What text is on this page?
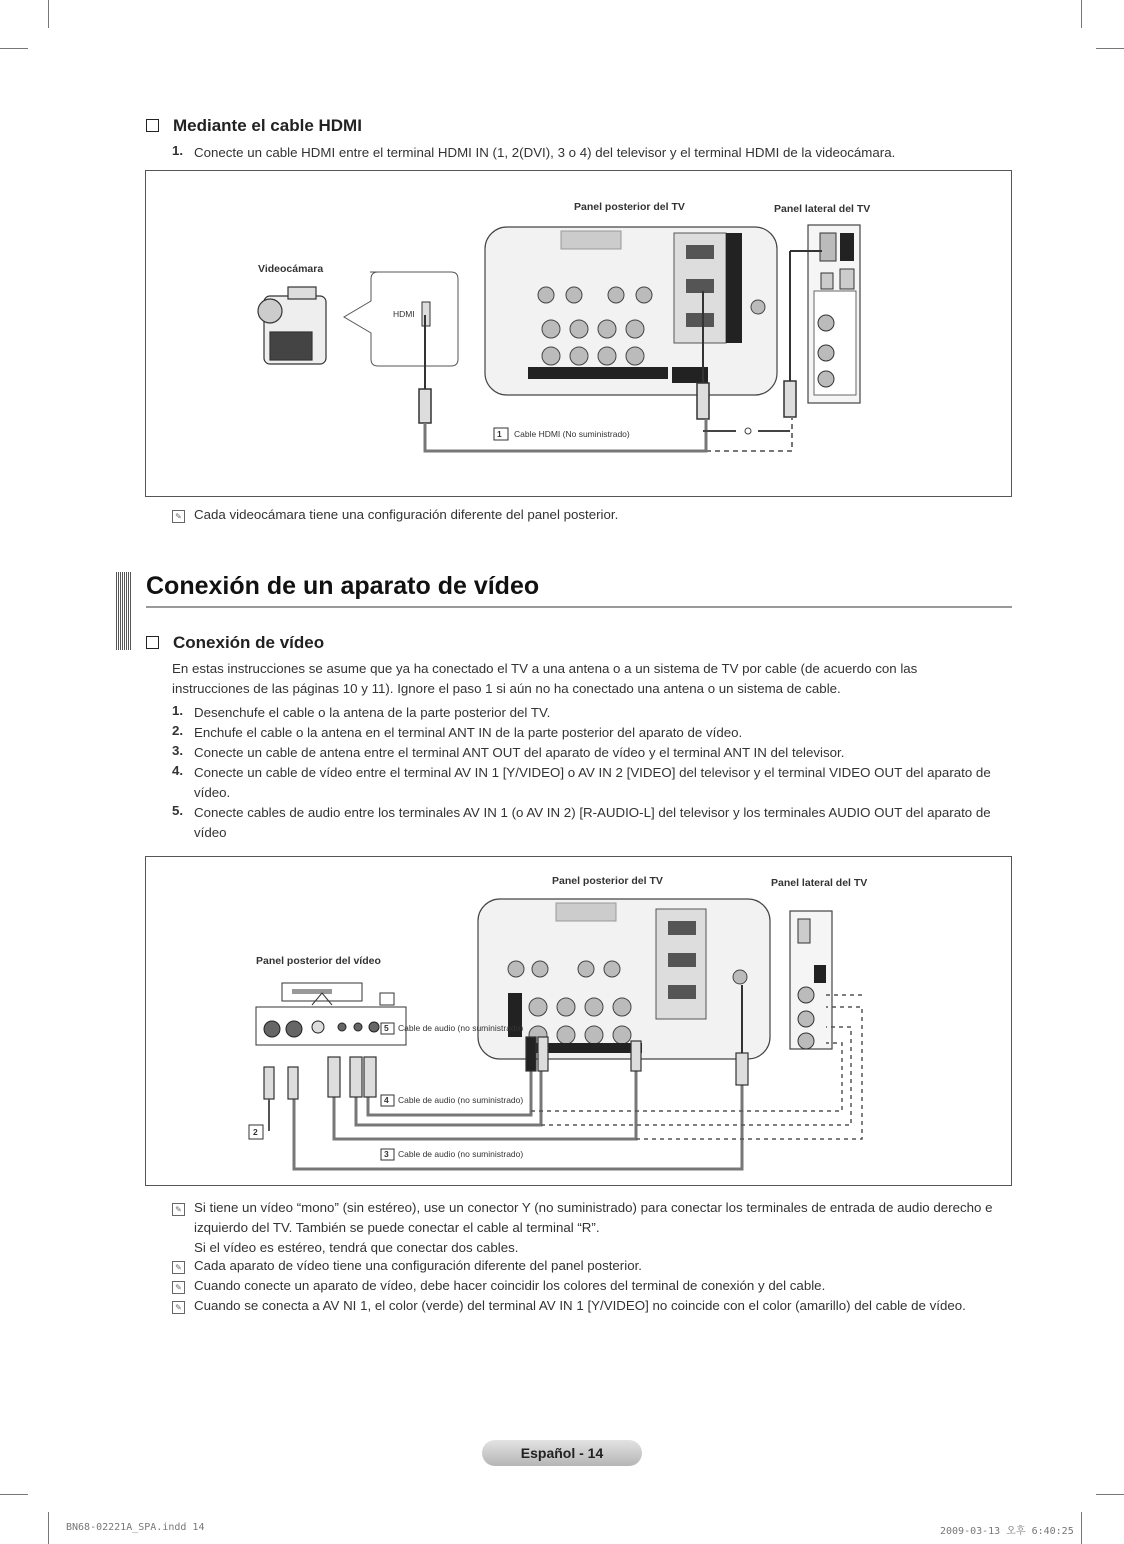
Mediante el cable HDMI
1. Conecte un cable HDMI entre el terminal HDMI IN (1, 2(DVI), 3 o 4) del televisor y el terminal HDMI de la videocámara.
Panel posterior del TV	Panel lateral del TV
Videocámara
HDMI
1 Cable HDMI (No suministrado)
✎ Cada videocámara tiene una configuración diferente del panel posterior.
Conexión de un aparato de vídeo
Conexión de vídeo
En estas instrucciones se asume que ya ha conectado el TV a una antena o a un sistema de TV por cable (de acuerdo con las instrucciones de las páginas 10 y 11). Ignore el paso 1 si aún no ha conectado una antena o un sistema de cable.
1. Desenchufe el cable o la antena de la parte posterior del TV.
2. Enchufe el cable o la antena en el terminal ANT IN de la parte posterior del aparato de vídeo.
3. Conecte un cable de antena entre el terminal ANT OUT del aparato de vídeo y el terminal ANT IN del televisor.
4. Conecte un cable de vídeo entre el terminal AV IN 1 [Y/VIDEO] o AV IN 2 [VIDEO] del televisor y el terminal VIDEO OUT del aparato de vídeo.
5. Conecte cables de audio entre los terminales AV IN 1 (o AV IN 2) [R-AUDIO-L] del televisor y los terminales AUDIO OUT del aparato de vídeo
Panel posterior del TV	Panel lateral del TV
Panel posterior del vídeo
5 Cable de audio (no suministrado)
4 Cable de audio (no suministrado)
3 Cable de audio (no suministrado)
2
✎ Si tiene un vídeo “mono” (sin estéreo), use un conector Y (no suministrado) para conectar los terminales de entrada de audio derecho e izquierdo del TV. También se puede conectar el cable al terminal “R”.
Si el vídeo es estéreo, tendrá que conectar dos cables.
✎ Cada aparato de vídeo tiene una configuración diferente del panel posterior.
✎ Cuando conecte un aparato de vídeo, debe hacer coincidir los colores del terminal de conexión y del cable.
✎ Cuando se conecta a AV NI 1, el color (verde) del terminal AV IN 1 [Y/VIDEO] no coincide con el color (amarillo) del cable de vídeo.
Español - 14
BN68-02221A_SPA.indd 14	2009-03-13 오후 6:40:25
